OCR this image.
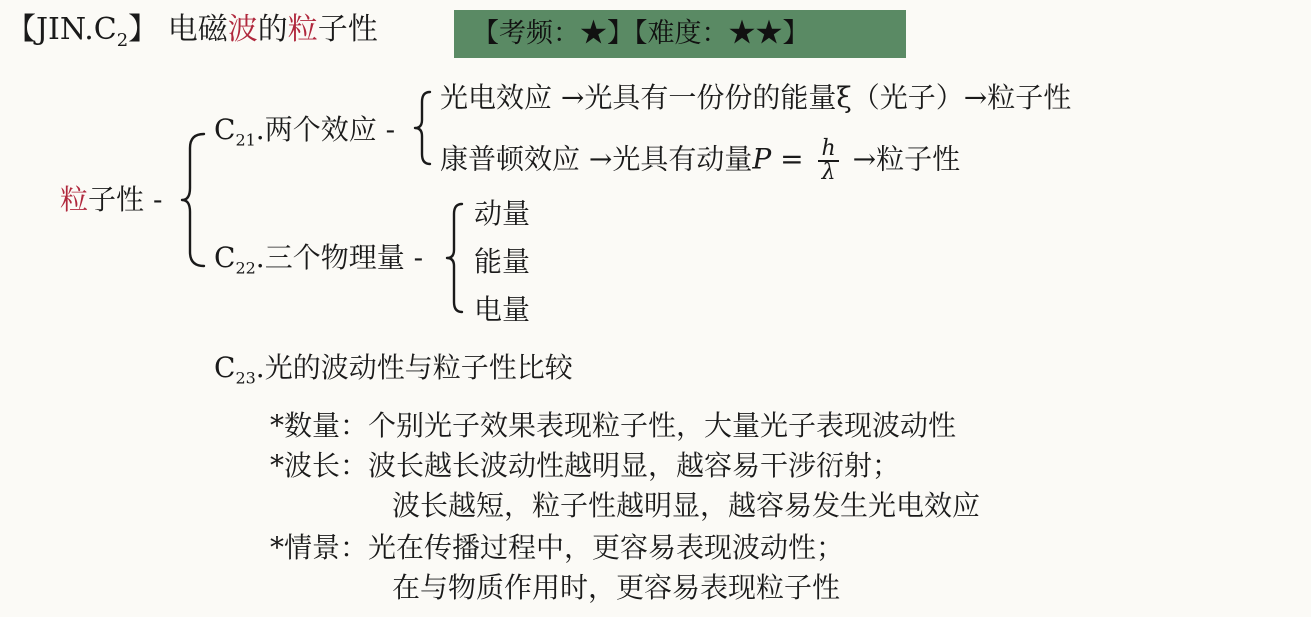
【$JIN.C_2$】 电磁波的粒子性	【考频：★】【难度：★★】
粒子性 -
$C_{21}$.两个效应 -
光电效应 →光具有一份份的能量ξ（光子）→粒子性
康普顿效应 →光具有动量$P = \frac{h}{\lambda}$ →粒子性
$C_{22}$.三个物理量 -
动量
能量
电量
$C_{23}$.光的波动性与粒子性比较
*数量：个别光子效果表现粒子性，大量光子表现波动性
*波长：波长越长波动性越明显，越容易干涉衍射；
波长越短，粒子性越明显，越容易发生光电效应
*情景：光在传播过程中，更容易表现波动性；
在与物质作用时，更容易表现粒子性
